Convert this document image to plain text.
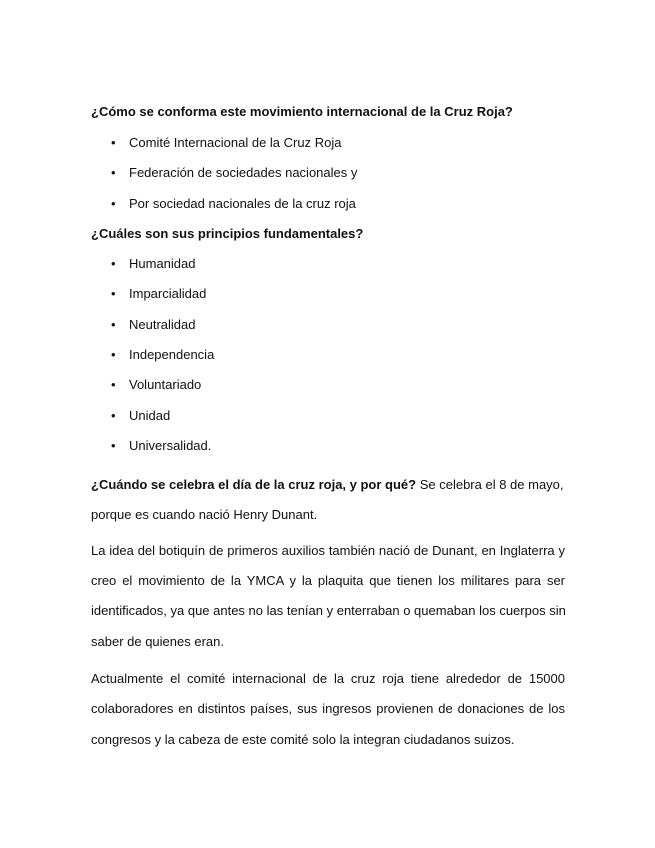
¿Cómo se conforma este movimiento internacional de la Cruz Roja?
•	Comité Internacional de la Cruz Roja
•	Federación de sociedades nacionales y
•	Por sociedad nacionales de la cruz roja
¿Cuáles son sus principios fundamentales?
•	Humanidad
•	Imparcialidad
•	Neutralidad
•	Independencia
•	Voluntariado
•	Unidad
•	Universalidad.
¿Cuándo se celebra el día de la cruz roja, y por qué? Se celebra el 8 de mayo,
porque es cuando nació Henry Dunant.
La idea del botiquín de primeros auxilios también nació de Dunant, en Inglaterra y
creo el movimiento de la YMCA y la plaquita que tienen los militares para ser
identificados, ya que antes no las tenían y enterraban o quemaban los cuerpos sin
saber de quienes eran.
Actualmente el comité internacional de la cruz roja tiene alrededor de 15000
colaboradores en distintos países, sus ingresos provienen de donaciones de los
congresos y la cabeza de este comité solo la integran ciudadanos suizos.
